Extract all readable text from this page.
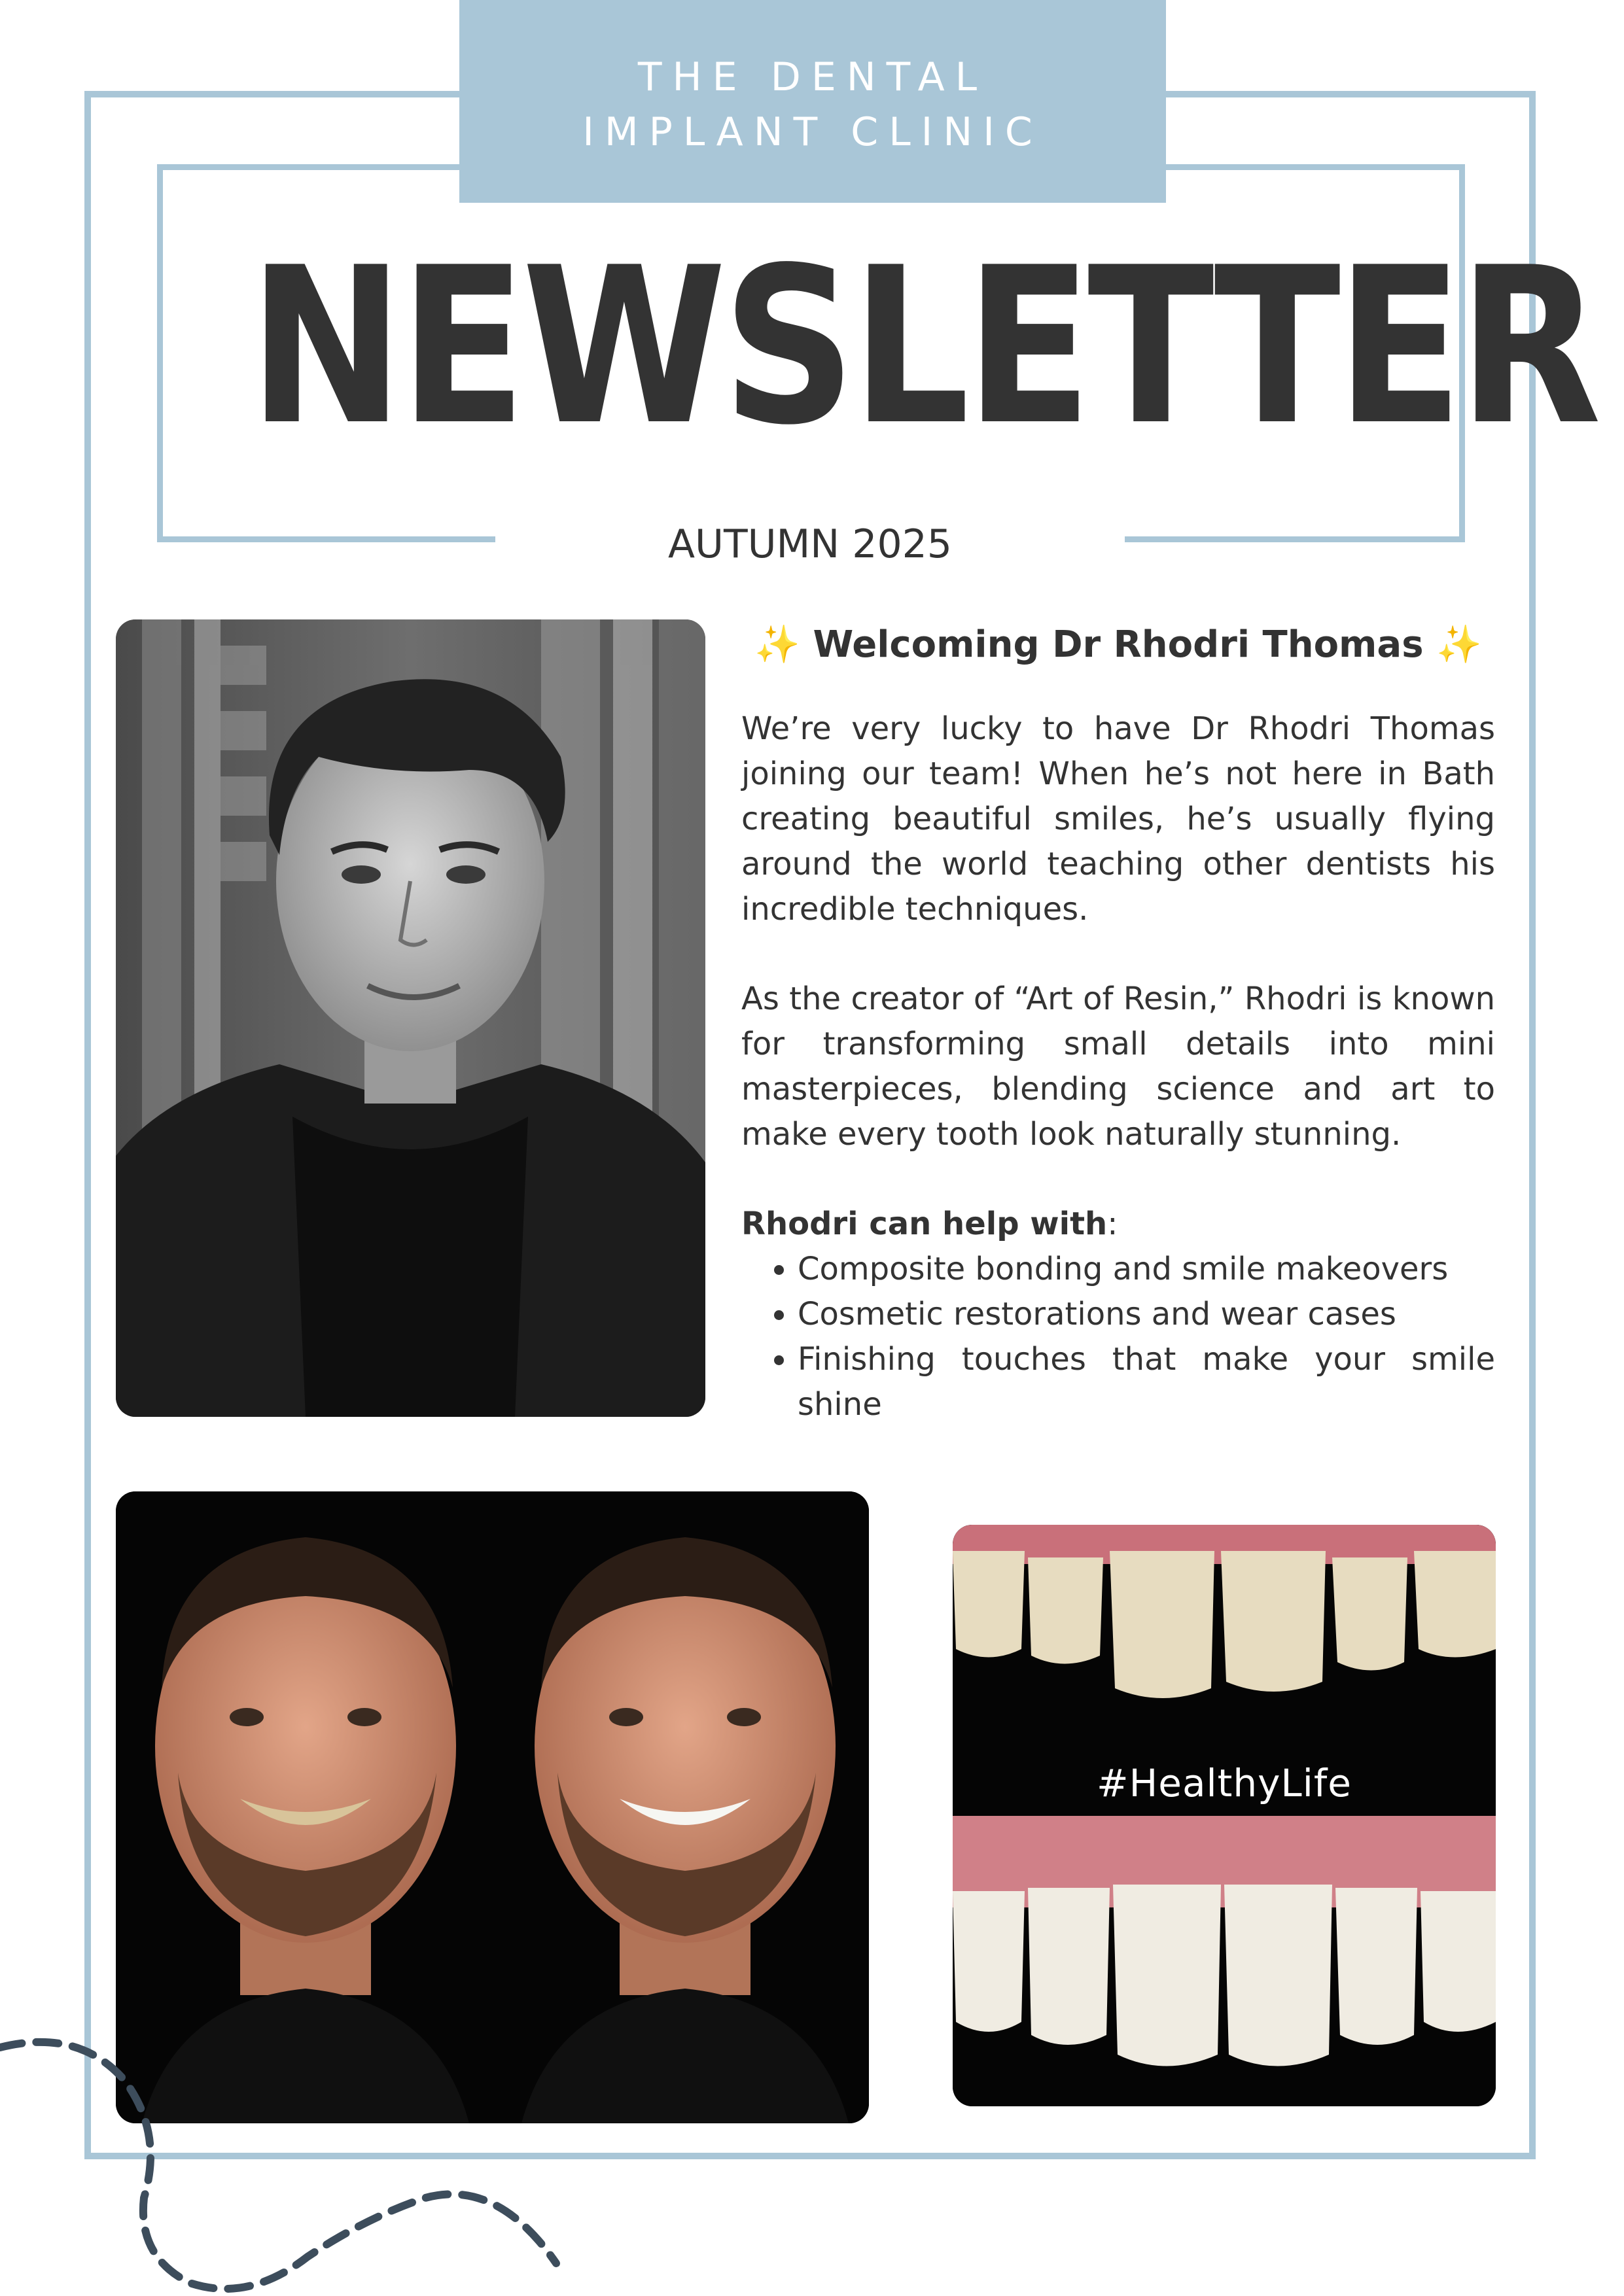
THE DENTAL
IMPLANT CLINIC
NEWSLETTER
AUTUMN 2025
✨ Welcoming Dr Rhodri Thomas ✨

We’re very lucky to have Dr Rhodri Thomas joining our team! When he’s not here in Bath creating beautiful smiles, he’s usually flying around the world teaching other dentists his incredible techniques.

As the creator of “Art of Resin,” Rhodri is known for transforming small details into mini masterpieces, blending science and art to make every tooth look naturally stunning.

Rhodri can help with:
• Composite bonding and smile makeovers
• Cosmetic restorations and wear cases
• Finishing touches that make your smile shine
#HealthyLife
